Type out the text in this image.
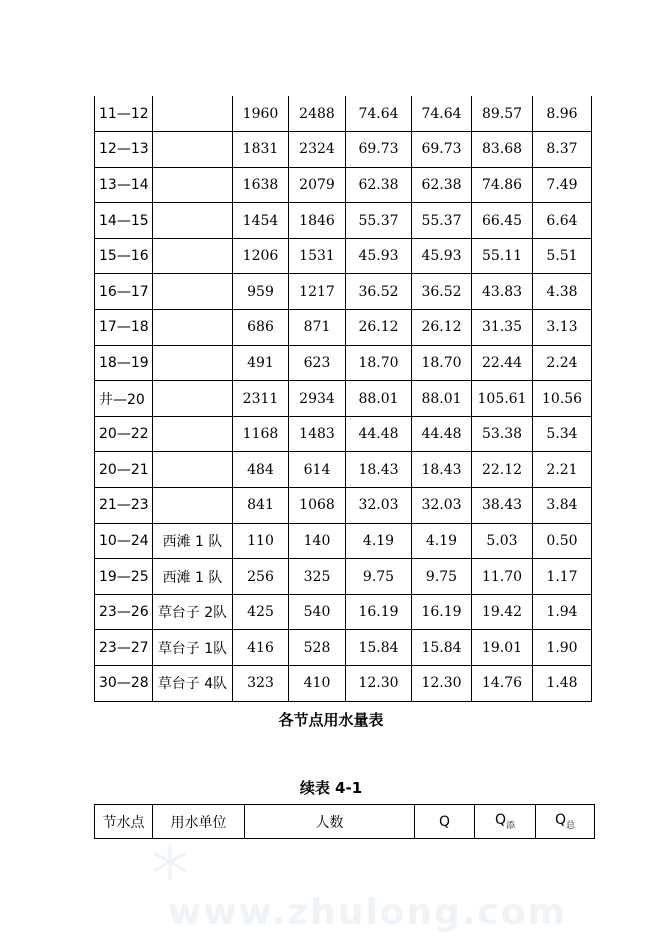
11—12		1960	2488	74.64	74.64	89.57	8.96
12—13		1831	2324	69.73	69.73	83.68	8.37
13—14		1638	2079	62.38	62.38	74.86	7.49
14—15		1454	1846	55.37	55.37	66.45	6.64
15—16		1206	1531	45.93	45.93	55.11	5.51
16—17		959	1217	36.52	36.52	43.83	4.38
17—18		686	871	26.12	26.12	31.35	3.13
18—19		491	623	18.70	18.70	22.44	2.24
井—20		2311	2934	88.01	88.01	105.61	10.56
20—22		1168	1483	44.48	44.48	53.38	5.34
20—21		484	614	18.43	18.43	22.12	2.21
21—23		841	1068	32.03	32.03	38.43	3.84
10—24	西滩 1 队	110	140	4.19	4.19	5.03	0.50
19—25	西滩 1 队	256	325	9.75	9.75	11.70	1.17
23—26	草台子 2队	425	540	16.19	16.19	19.42	1.94
23—27	草台子 1队	416	528	15.84	15.84	19.01	1.90
30—28	草台子 4队	323	410	12.30	12.30	14.76	1.48
各节点用水量表
续表 4-1
节水点	用水单位	人数	Q	$Q_添$	$Q_总$
www.zhulong.com
